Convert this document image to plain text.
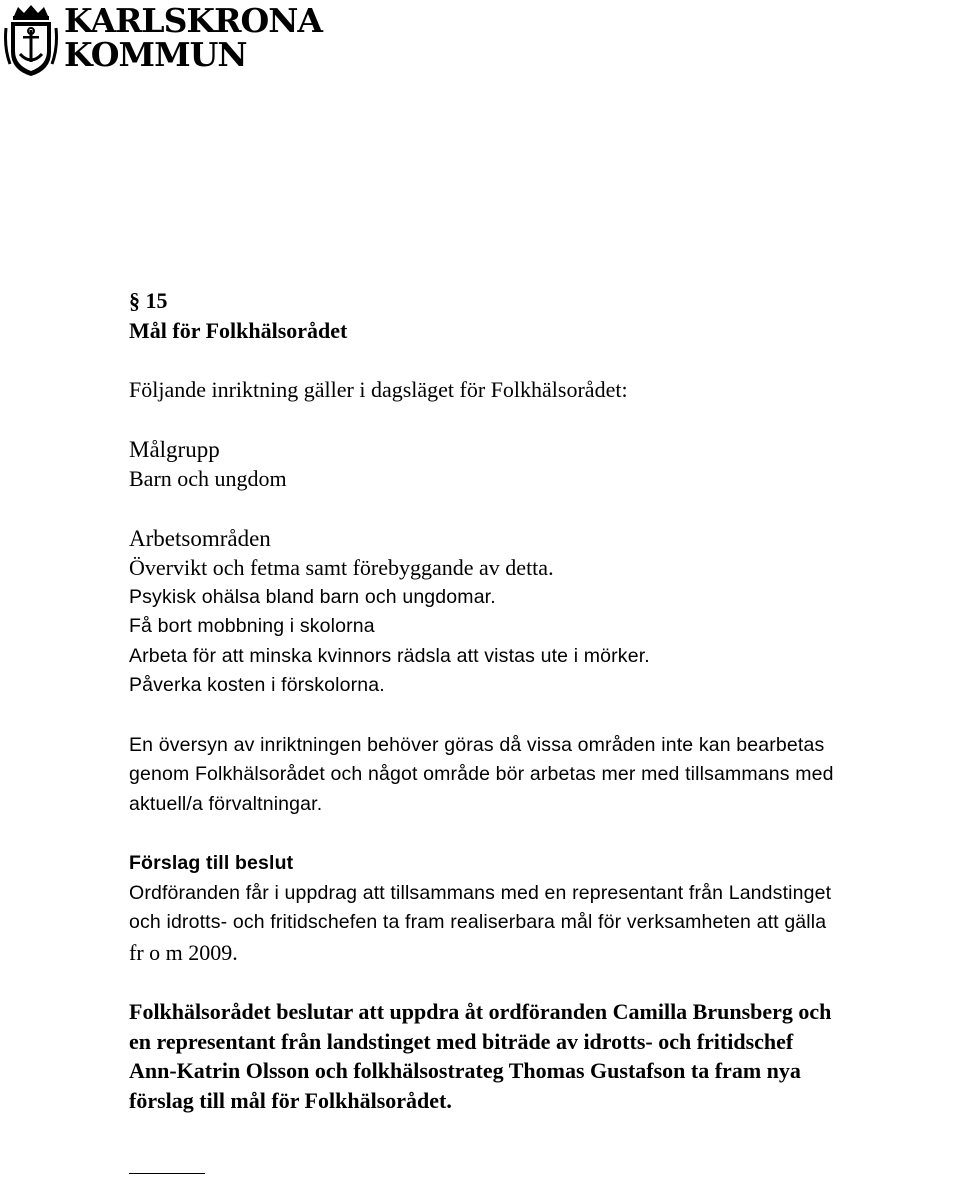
KARLSKRONA
KOMMUN
§ 15
Mål för Folkhälsorådet
Följande inriktning gäller i dagsläget för Folkhälsorådet:
Målgrupp
Barn och ungdom
Arbetsområden
Övervikt och fetma samt förebyggande av detta.
Psykisk ohälsa bland barn och ungdomar.
Få bort mobbning i skolorna
Arbeta för att minska kvinnors rädsla att vistas ute i mörker.
Påverka kosten i förskolorna.
En översyn av inriktningen behöver göras då vissa områden inte kan bearbetas
genom Folkhälsorådet och något område bör arbetas mer med tillsammans med
aktuell/a förvaltningar.
Förslag till beslut
Ordföranden får i uppdrag att tillsammans med en representant från Landstinget
och idrotts- och fritidschefen ta fram realiserbara mål för verksamheten att gälla
fr o m 2009.
Folkhälsorådet beslutar att uppdra åt ordföranden Camilla Brunsberg och
en representant från landstinget med biträde av idrotts- och fritidschef
Ann-Katrin Olsson och folkhälsostrateg Thomas Gustafson ta fram nya
förslag till mål för Folkhälsorådet.
